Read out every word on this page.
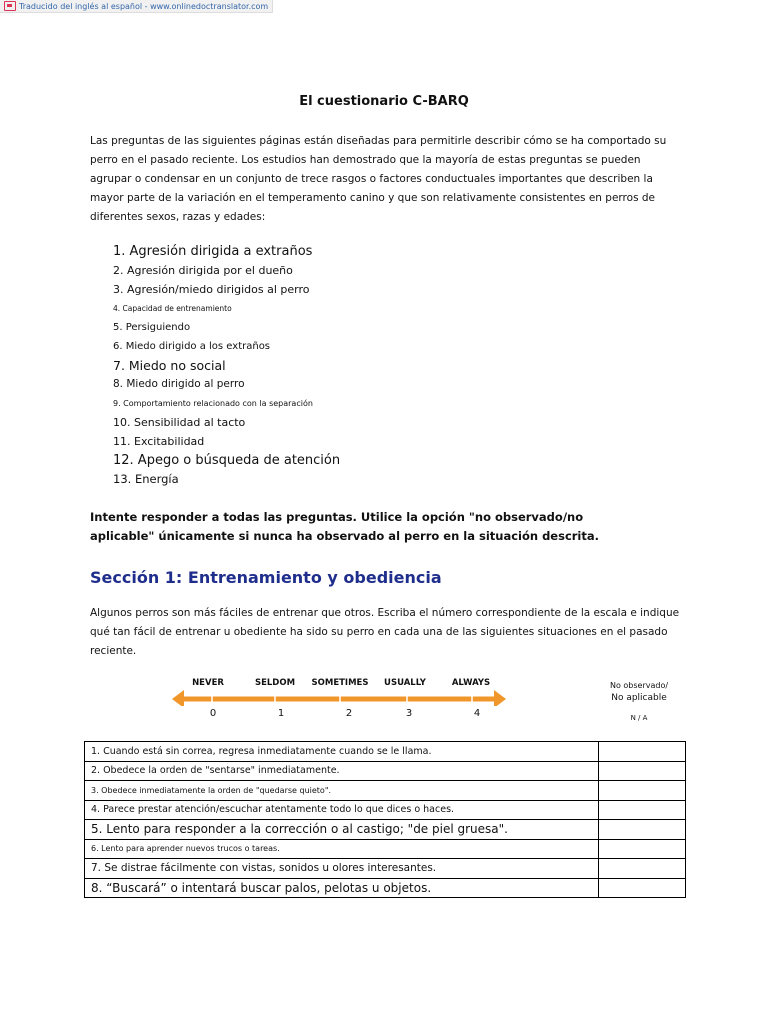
Traducido del inglés al español - www.onlinedoctranslator.com
El cuestionario C-BARQ
Las preguntas de las siguientes páginas están diseñadas para permitirle describir cómo se ha comportado su perro en el pasado reciente. Los estudios han demostrado que la mayoría de estas preguntas se pueden agrupar o condensar en un conjunto de trece rasgos o factores conductuales importantes que describen la mayor parte de la variación en el temperamento canino y que son relativamente consistentes en perros de diferentes sexos, razas y edades:
1. Agresión dirigida a extraños
2. Agresión dirigida por el dueño
3. Agresión/miedo dirigidos al perro
4. Capacidad de entrenamiento
5. Persiguiendo
6. Miedo dirigido a los extraños
7. Miedo no social
8. Miedo dirigido al perro
9. Comportamiento relacionado con la separación
10. Sensibilidad al tacto
11. Excitabilidad
12. Apego o búsqueda de atención
13. Energía
Intente responder a todas las preguntas. Utilice la opción "no observado/no aplicable" únicamente si nunca ha observado al perro en la situación descrita.
Sección 1: Entrenamiento y obediencia
Algunos perros son más fáciles de entrenar que otros. Escriba el número correspondiente de la escala e indique qué tan fácil de entrenar u obediente ha sido su perro en cada una de las siguientes situaciones en el pasado reciente.
NEVER	SELDOM SOMETIMES USUALLY	ALWAYS
0	1	2	3	4
No observado/
No aplicable
N / A
1. Cuando está sin correa, regresa inmediatamente cuando se le llama.	
2. Obedece la orden de "sentarse" inmediatamente.	
3. Obedece inmediatamente la orden de "quedarse quieto".	
4. Parece prestar atención/escuchar atentamente todo lo que dices o haces.	
5. Lento para responder a la corrección o al castigo; "de piel gruesa".	
6. Lento para aprender nuevos trucos o tareas.	
7. Se distrae fácilmente con vistas, sonidos u olores interesantes.	
8. “Buscará” o intentará buscar palos, pelotas u objetos.	
